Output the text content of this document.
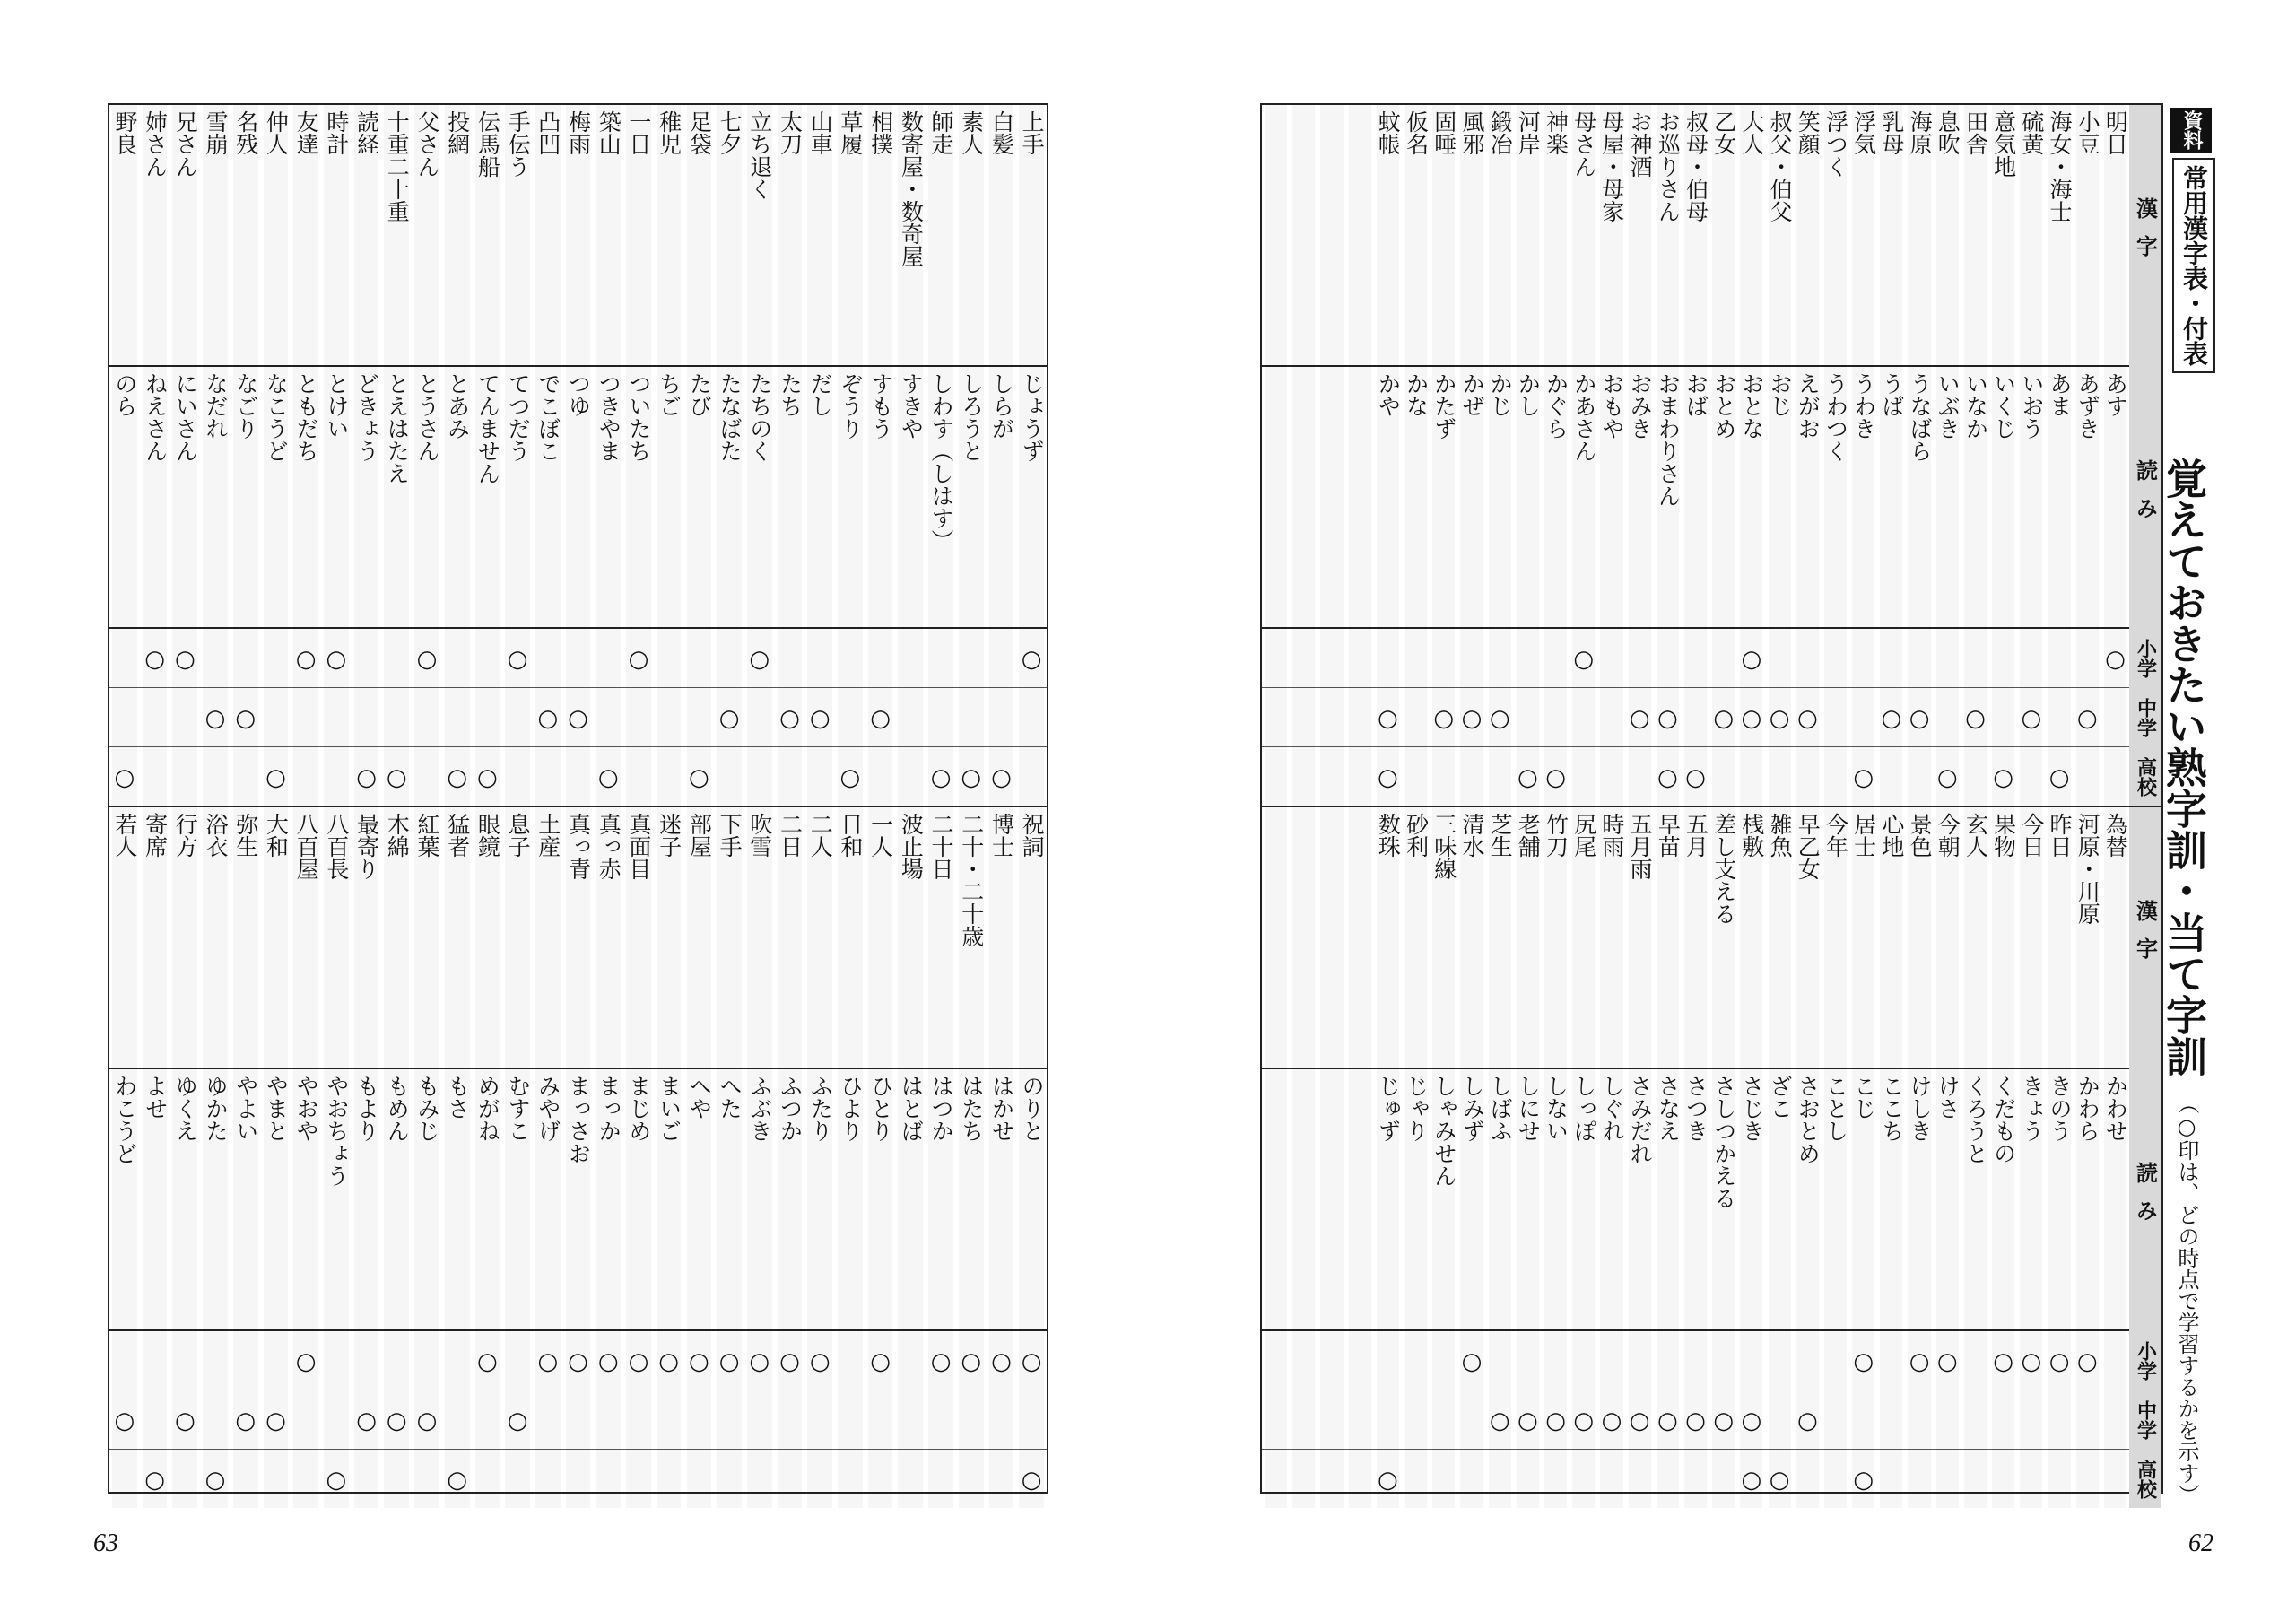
上手
白髪
素人
師走
数寄屋・数奇屋
相撲
草履
山車
太刀
立ち退く
七夕
足袋
稚児
一日
築山
梅雨
凸凹
手伝う
伝馬船
投網
父さん
十重二十重
読経
時計
友達
仲人
名残
雪崩
兄さん
姉さん
野良
じょうず
しらが
しろうと
しわす（しはす）
すきや
すもう
ぞうり
だし
たち
たちのく
たなばた
たび
ちご
ついたち
つきやま
つゆ
でこぼこ
てつだう
てんません
とあみ
とうさん
とえはたえ
どきょう
とけい
ともだち
なこうど
なごり
なだれ
にいさん
ねえさん
のら
○
○
○
○
○
○
○
○
○
○
○
○
○
○
○
○
○
○
○
○
○
○
○
○
○
○
○
○
○
祝詞
博士
二十・二十歳
二十日
波止場
一人
日和
二人
二日
吹雪
下手
部屋
迷子
真面目
真っ赤
真っ青
土産
息子
眼鏡
猛者
紅葉
木綿
最寄り
八百長
八百屋
大和
弥生
浴衣
行方
寄席
若人
のりと
はかせ
はたち
はつか
はとば
ひとり
ひより
ふたり
ふつか
ふぶき
へた
へや
まいご
まじめ
まっか
まっさお
みやげ
むすこ
めがね
もさ
もみじ
もめん
もより
やおちょう
やおや
やまと
やよい
ゆかた
ゆくえ
よせ
わこうど
○
○
○
○
○
○
○
○
○
○
○
○
○
○
○
○
○
○
○
○
○
○
○
○
○
○
○
○
○
○
漢字
明日
小豆
海女・海士
硫黄
意気地
田舎
息吹
海原
乳母
浮気
浮つく
笑顔
叔父・伯父
大人
乙女
叔母・伯母
お巡りさん
お神酒
母屋・母家
母さん
神楽
河岸
鍛冶
風邪
固唾
仮名
蚊帳
読み
あす
あずき
あま
いおう
いくじ
いなか
いぶき
うなばら
うば
うわき
うわつく
えがお
おじ
おとな
おとめ
おば
おまわりさん
おみき
おもや
かあさん
かぐら
かし
かじ
かぜ
かたず
かな
かや
小学
○
○
○
中学
○
○
○
○
○
○
○
○
○
○
○
○
○
○
○
高校
○
○
○
○
○
○
○
○
○
漢字
為替
河原・川原
昨日
今日
果物
玄人
今朝
景色
心地
居士
今年
早乙女
雑魚
桟敷
差し支える
五月
早苗
五月雨
時雨
尻尾
竹刀
老舗
芝生
清水
三味線
砂利
数珠
読み
かわせ
かわら
きのう
きょう
くだもの
くろうと
けさ
けしき
ここち
こじ
ことし
さおとめ
ざこ
さじき
さしつかえる
さつき
さなえ
さみだれ
しぐれ
しっぽ
しない
しにせ
しばふ
しみず
しゃみせん
じゃり
じゅず
小学
○
○
○
○
○
○
○
○
中学
○
○
○
○
○
○
○
○
○
○
○
高校
○
○
○
○
63	62
資料
常用漢字表・付表
覚えておきたい熟字訓・当て字訓
（○印は、どの時点で学習するかを示す）
